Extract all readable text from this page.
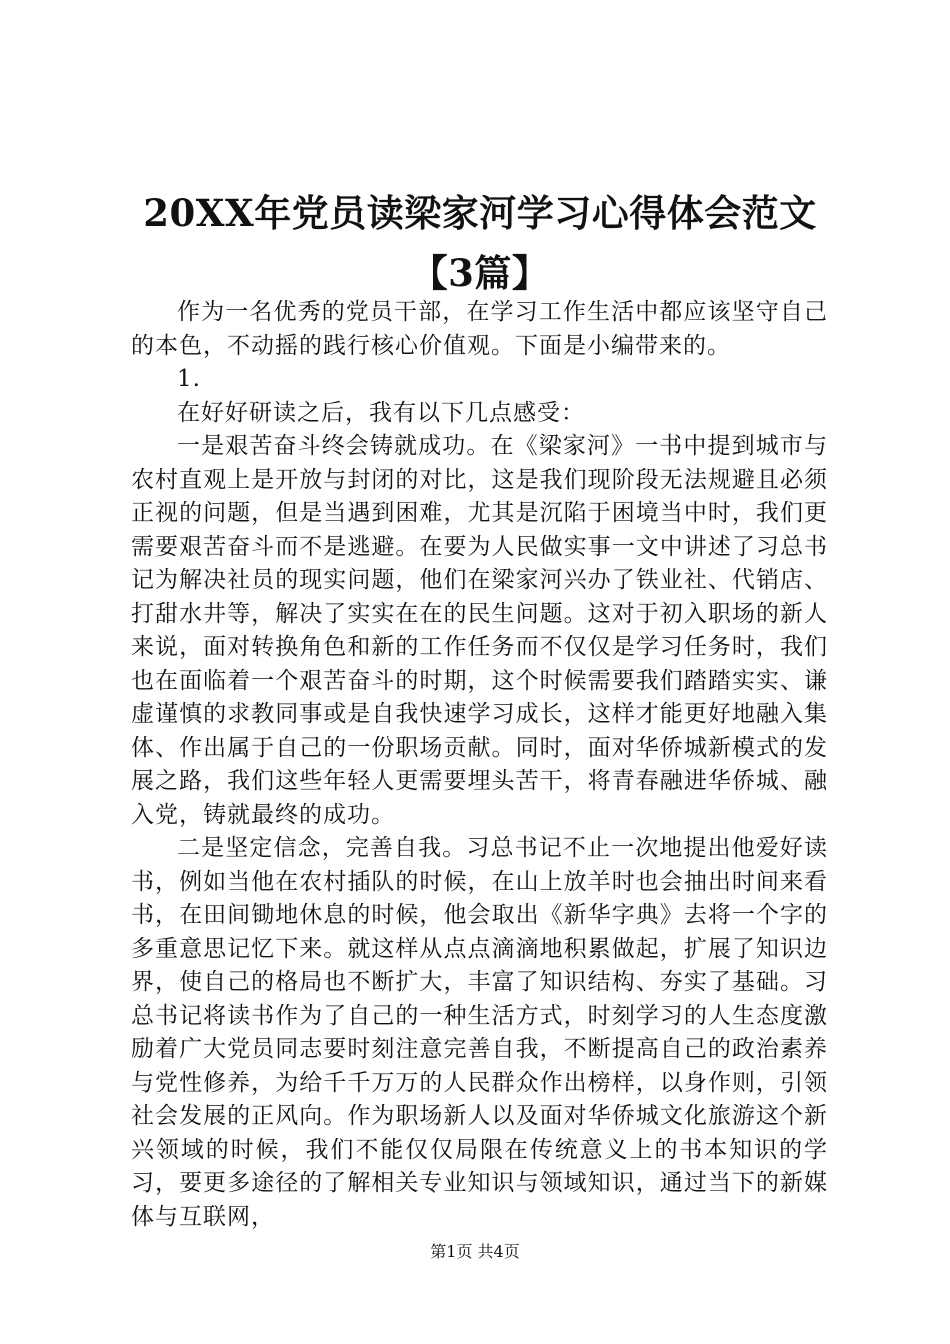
20XX年党员读梁家河学习心得体会范文【3篇】

作为一名优秀的党员干部，在学习工作生活中都应该坚守自己的本色，不动摇的践行核心价值观。下面是小编带来的。

1.

在好好研读之后，我有以下几点感受：

一是艰苦奋斗终会铸就成功。在《梁家河》一书中提到城市与农村直观上是开放与封闭的对比，这是我们现阶段无法规避且必须正视的问题，但是当遇到困难，尤其是沉陷于困境当中时，我们更需要艰苦奋斗而不是逃避。在要为人民做实事一文中讲述了习总书记为解决社员的现实问题，他们在梁家河兴办了铁业社、代销店、打甜水井等，解决了实实在在的民生问题。这对于初入职场的新人来说，面对转换角色和新的工作任务而不仅仅是学习任务时，我们也在面临着一个艰苦奋斗的时期，这个时候需要我们踏踏实实、谦虚谨慎的求教同事或是自我快速学习成长，这样才能更好地融入集体、作出属于自己的一份职场贡献。同时，面对华侨城新模式的发展之路，我们这些年轻人更需要埋头苦干，将青春融进华侨城、融入党，铸就最终的成功。

二是坚定信念，完善自我。习总书记不止一次地提出他爱好读书，例如当他在农村插队的时候，在山上放羊时也会抽出时间来看书，在田间锄地休息的时候，他会取出《新华字典》去将一个字的多重意思记忆下来。就这样从点点滴滴地积累做起，扩展了知识边界，使自己的格局也不断扩大，丰富了知识结构、夯实了基础。习总书记将读书作为了自己的一种生活方式，时刻学习的人生态度激励着广大党员同志要时刻注意完善自我，不断提高自己的政治素养与党性修养，为给千千万万的人民群众作出榜样，以身作则，引领社会发展的正风向。作为职场新人以及面对华侨城文化旅游这个新兴领域的时候，我们不能仅仅局限在传统意义上的书本知识的学习，要更多途径的了解相关专业知识与领域知识，通过当下的新媒体与互联网，

第1页 共4页
